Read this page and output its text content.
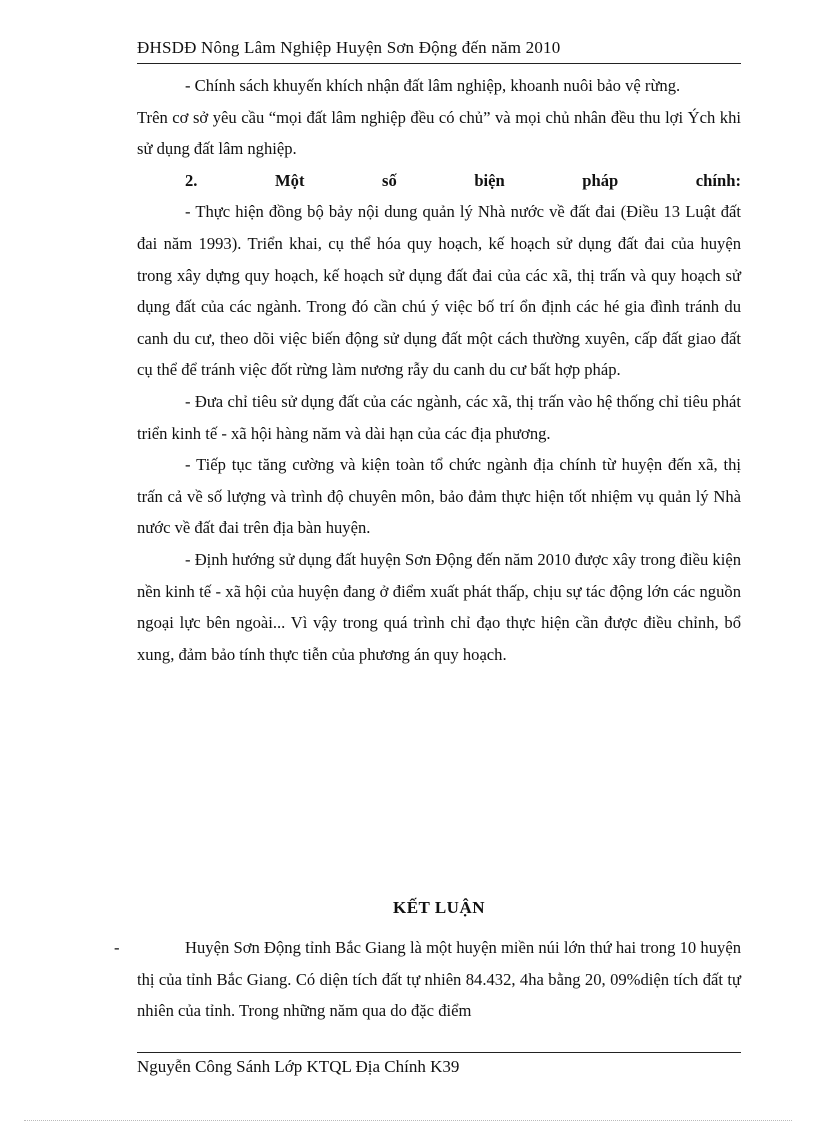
ĐHSDĐ Nông Lâm Nghiệp Huyện Sơn Động đến năm 2010

- Chính sách khuyến khích nhận đất lâm nghiệp, khoanh nuôi bảo vệ rừng.

Trên cơ sở yêu cầu “mọi đất lâm nghiệp đều có chủ” và mọi chủ nhân đều thu lợi Ých khi sử dụng đất lâm nghiệp.

2.	Một	số	biện	pháp	chính:

- Thực hiện đồng bộ bảy nội dung quản lý Nhà nước về đất đai (Điều 13 Luật đất đai năm 1993). Triển khai, cụ thể hóa quy hoạch, kế hoạch sử dụng đất đai của huyện trong xây dựng quy hoạch, kế hoạch sử dụng đất đai của các xã, thị trấn và quy hoạch sử dụng đất của các ngành. Trong đó cần chú ý việc bố trí ổn định các hé gia đình tránh du canh du cư, theo dõi việc biến động sử dụng đất một cách thường xuyên, cấp đất giao đất cụ thể để tránh việc đốt rừng làm nương rẫy du canh du cư bất hợp pháp.

- Đưa chỉ tiêu sử dụng đất của các ngành, các xã, thị trấn vào hệ thống chỉ tiêu phát triển kinh tế - xã hội hàng năm và dài hạn của các địa phương.

- Tiếp tục tăng cường và kiện toàn tổ chức ngành địa chính từ huyện đến xã, thị trấn cả về số lượng và trình độ chuyên môn, bảo đảm thực hiện tốt nhiệm vụ quản lý Nhà nước về đất đai trên địa bàn huyện.

- Định hướng sử dụng đất huyện Sơn Động đến năm 2010 được xây trong điều kiện nền kinh tế - xã hội của huyện đang ở điểm xuất phát thấp, chịu sự tác động lớn các nguồn ngoại lực bên ngoài... Vì vậy trong quá trình chỉ đạo thực hiện cần được điều chỉnh, bổ xung, đảm bảo tính thực tiễn của phương án quy hoạch.

KẾT LUẬN
-	Huyện Sơn Động tỉnh Bắc Giang là một huyện miền núi lớn thứ hai trong 10 huyện thị của tỉnh Bắc Giang. Có diện tích đất tự nhiên 84.432, 4ha bằng 20, 09%diện tích đất tự nhiên của tỉnh. Trong những năm qua do đặc điểm

Nguyễn Công Sánh Lớp KTQL Địa Chính K39
